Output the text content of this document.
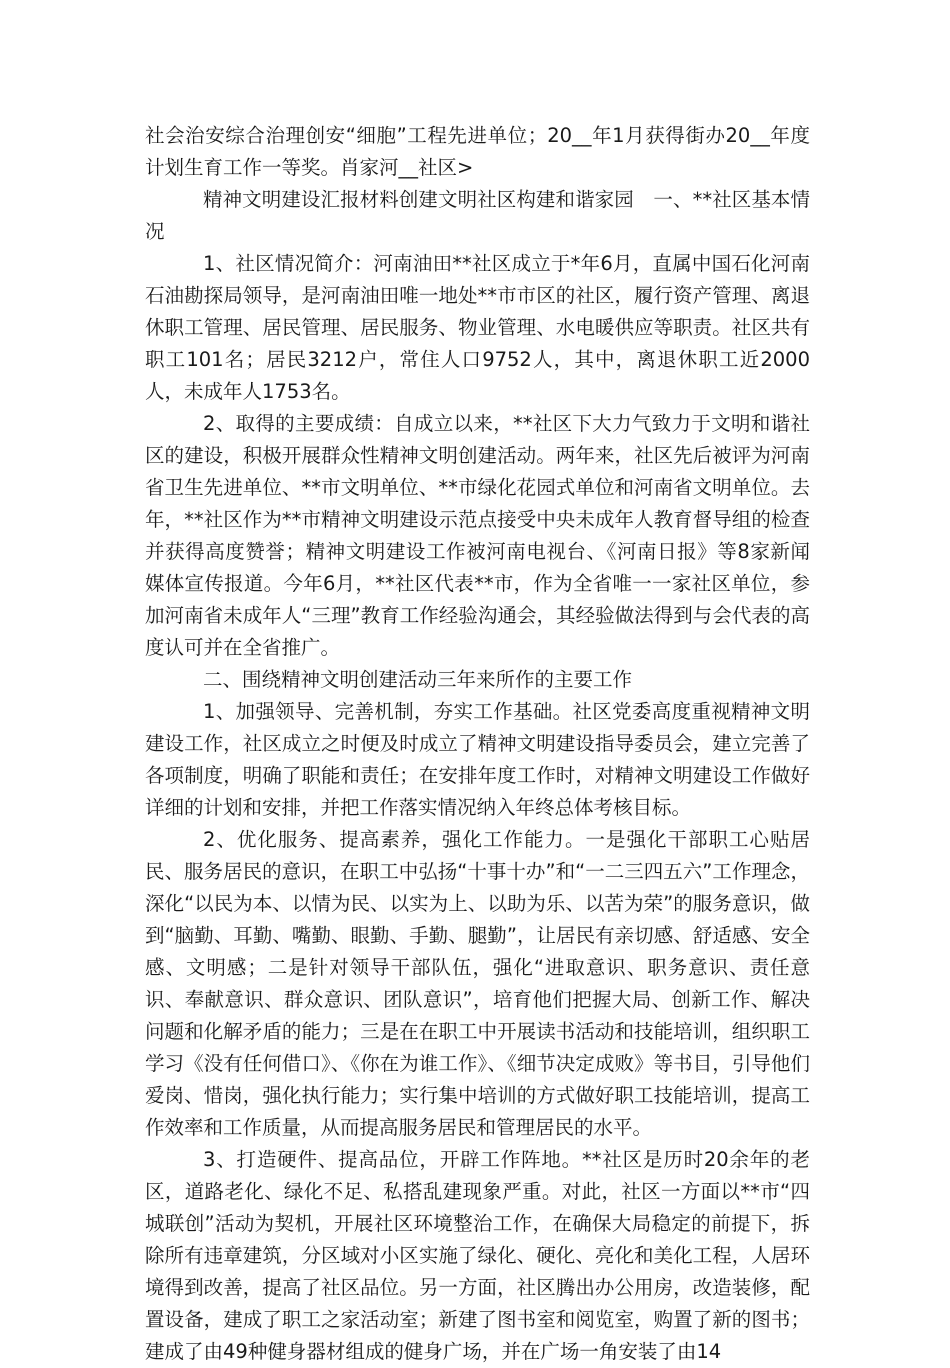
社会治安综合治理创安“细胞”工程先进单位；20__年1月获得街办20__年度计划生育工作一等奖。肖家河__社区>

精神文明建设汇报材料创建文明社区构建和谐家园　一、**社区基本情况

1、社区情况简介：河南油田**社区成立于*年6月，直属中国石化河南石油勘探局领导，是河南油田唯一地处**市市区的社区，履行资产管理、离退休职工管理、居民管理、居民服务、物业管理、水电暖供应等职责。社区共有职工101名；居民3212户，常住人口9752人，其中，离退休职工近2000人，未成年人1753名。

2、取得的主要成绩：自成立以来，**社区下大力气致力于文明和谐社区的建设，积极开展群众性精神文明创建活动。两年来，社区先后被评为河南省卫生先进单位、**市文明单位、**市绿化花园式单位和河南省文明单位。去年，**社区作为**市精神文明建设示范点接受中央未成年人教育督导组的检查并获得高度赞誉；精神文明建设工作被河南电视台、《河南日报》等8家新闻媒体宣传报道。今年6月，**社区代表**市，作为全省唯一一家社区单位，参加河南省未成年人“三理”教育工作经验沟通会，其经验做法得到与会代表的高度认可并在全省推广。

二、围绕精神文明创建活动三年来所作的主要工作

1、加强领导、完善机制，夯实工作基础。社区党委高度重视精神文明建设工作，社区成立之时便及时成立了精神文明建设指导委员会，建立完善了各项制度，明确了职能和责任；在安排年度工作时，对精神文明建设工作做好详细的计划和安排，并把工作落实情况纳入年终总体考核目标。

2、优化服务、提高素养，强化工作能力。一是强化干部职工心贴居民、服务居民的意识，在职工中弘扬“十事十办”和“一二三四五六”工作理念，深化“以民为本、以情为民、以实为上、以助为乐、以苦为荣”的服务意识，做到“脑勤、耳勤、嘴勤、眼勤、手勤、腿勤”，让居民有亲切感、舒适感、安全感、文明感；二是针对领导干部队伍，强化“进取意识、职务意识、责任意识、奉献意识、群众意识、团队意识”，培育他们把握大局、创新工作、解决问题和化解矛盾的能力；三是在在职工中开展读书活动和技能培训，组织职工学习《没有任何借口》、《你在为谁工作》、《细节决定成败》等书目，引导他们爱岗、惜岗，强化执行能力；实行集中培训的方式做好职工技能培训，提高工作效率和工作质量，从而提高服务居民和管理居民的水平。

3、打造硬件、提高品位，开辟工作阵地。**社区是历时20余年的老区，道路老化、绿化不足、私搭乱建现象严重。对此，社区一方面以**市“四城联创”活动为契机，开展社区环境整治工作，在确保大局稳定的前提下，拆除所有违章建筑，分区域对小区实施了绿化、硬化、亮化和美化工程，人居环境得到改善，提高了社区品位。另一方面，社区腾出办公用房，改造装修，配置设备，建成了职工之家活动室；新建了图书室和阅览室，购置了新的图书；建成了由49种健身器材组成的健身广场，并在广场一角安装了由14
